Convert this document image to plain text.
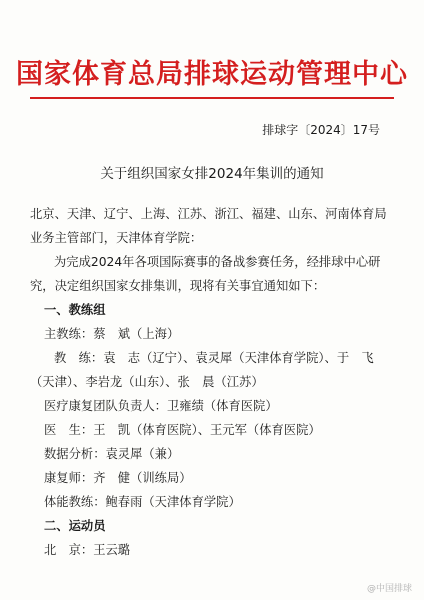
国家体育总局排球运动管理中心
排球字〔2024〕17号
关于组织国家女排2024年集训的通知

北京、天津、辽宁、上海、江苏、浙江、福建、山东、河南体育局业务主管部门，天津体育学院：

为完成2024年各项国际赛事的备战参赛任务，经排球中心研究，决定组织国家女排集训，现将有关事宜通知如下：

一、教练组

主教练：蔡　斌（上海）

教　练：袁　志（辽宁）、袁灵犀（天津体育学院）、于　飞（天津）、李岩龙（山东）、张　晨（江苏）

医疗康复团队负责人：卫雍绩（体育医院）

医　生：王　凯（体育医院）、王元军（体育医院）

数据分析：袁灵犀（兼）

康复师：齐　健（训练局）

体能教练：鲍春雨（天津体育学院）

二、运动员

北　京：王云璐

@中国排球
